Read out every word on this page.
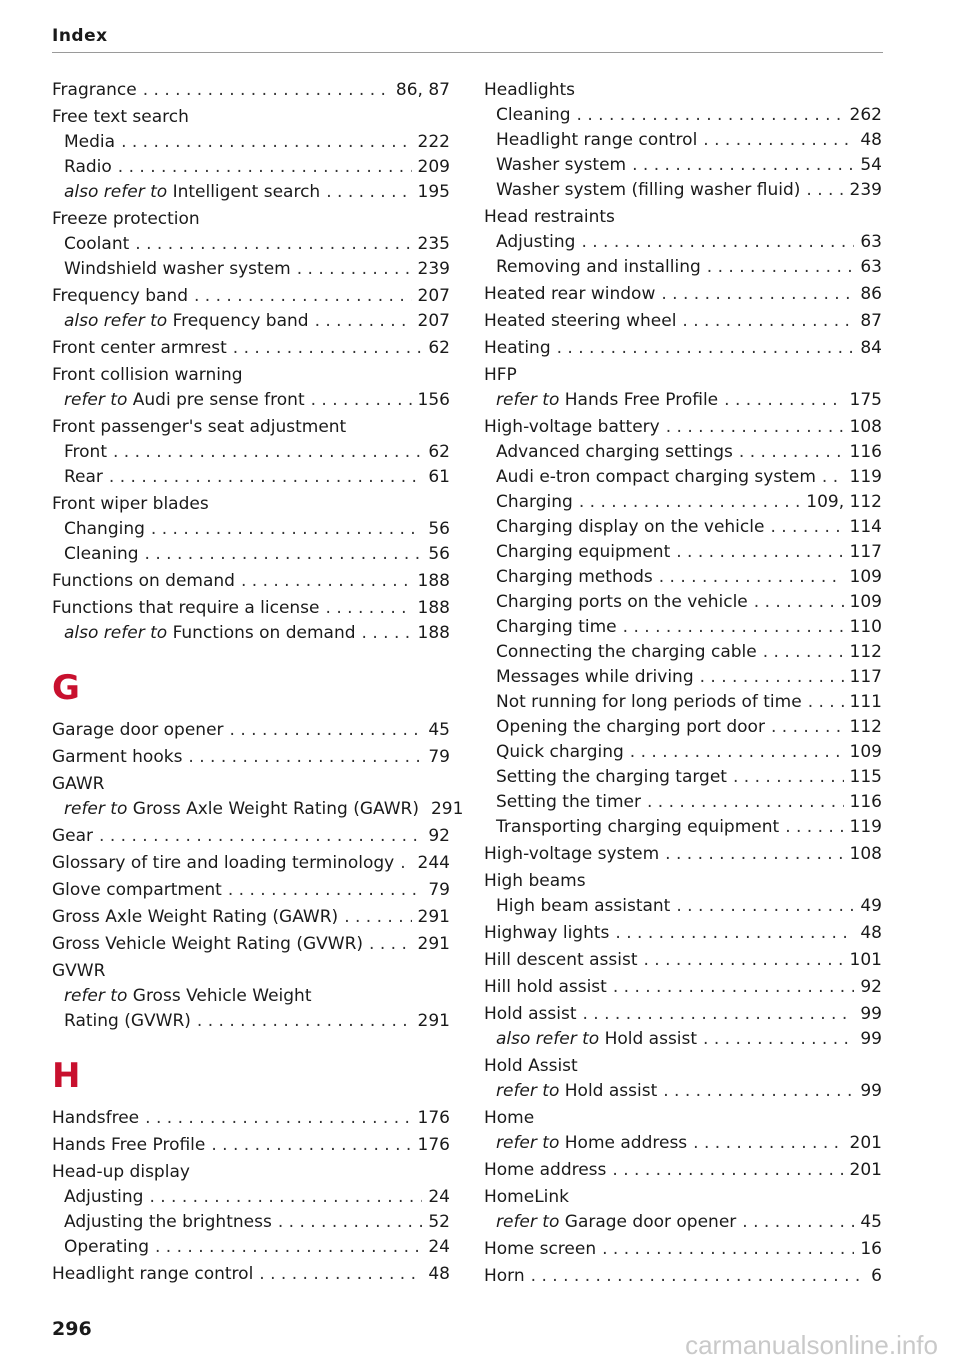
Index
Fragrance . . .	86, 87
Free text search
Media . . .	222
Radio . . .	209
also refer to Intelligent search . . .	195
Freeze protection
Coolant . . .	235
Windshield washer system . . .	239
Frequency band . . .	207
also refer to Frequency band . . .	207
Front center armrest . . .	62
Front collision warning
refer to Audi pre sense front . . .	156
Front passenger's seat adjustment
Front . . .	62
Rear . . .	61
Front wiper blades
Changing . . .	56
Cleaning . . .	56
Functions on demand . . .	188
Functions that require a license . . .	188
also refer to Functions on demand . . .	188
G
Garage door opener . . .	45
Garment hooks . . .	79
GAWR
refer to Gross Axle Weight Rating (GAWR) 291
Gear . . .	92
Glossary of tire and loading terminology . . . 244
Glove compartment . . .	79
Gross Axle Weight Rating (GAWR) . . .	291
Gross Vehicle Weight Rating (GVWR) . . .	291
GVWR
refer to Gross Vehicle Weight
Rating (GVWR) . . .	291
H
Handsfree . . .	176
Hands Free Profile . . .	176
Head-up display
Adjusting . . .	24
Adjusting the brightness . . .	52
Operating . . .	24
Headlight range control . . .	48
Headlights
Cleaning . . .	262
Headlight range control . . .	48
Washer system . . .	54
Washer system (filling washer fluid) . . .	239
Head restraints
Adjusting . . .	63
Removing and installing . . .	63
Heated rear window . . .	86
Heated steering wheel . . .	87
Heating . . .	84
HFP
refer to Hands Free Profile . . .	175
High-voltage battery . . .	108
Advanced charging settings . . .	116
Audi e-tron compact charging system . . . 119
Charging . . .	109, 112
Charging display on the vehicle . . .	114
Charging equipment . . .	117
Charging methods . . .	109
Charging ports on the vehicle . . .	109
Charging time . . .	110
Connecting the charging cable . . .	112
Messages while driving . . .	117
Not running for long periods of time . . .	111
Opening the charging port door . . .	112
Quick charging . . .	109
Setting the charging target . . .	115
Setting the timer . . .	116
Transporting charging equipment . . .	119
High-voltage system . . .	108
High beams
High beam assistant . . .	49
Highway lights . . .	48
Hill descent assist . . .	101
Hill hold assist . . .	92
Hold assist . . .	99
also refer to Hold assist . . .	99
Hold Assist
refer to Hold assist . . .	99
Home
refer to Home address . . .	201
Home address . . .	201
HomeLink
refer to Garage door opener . . .	45
Home screen . . .	16
Horn . . .	6
296
carmanualsonline.info
